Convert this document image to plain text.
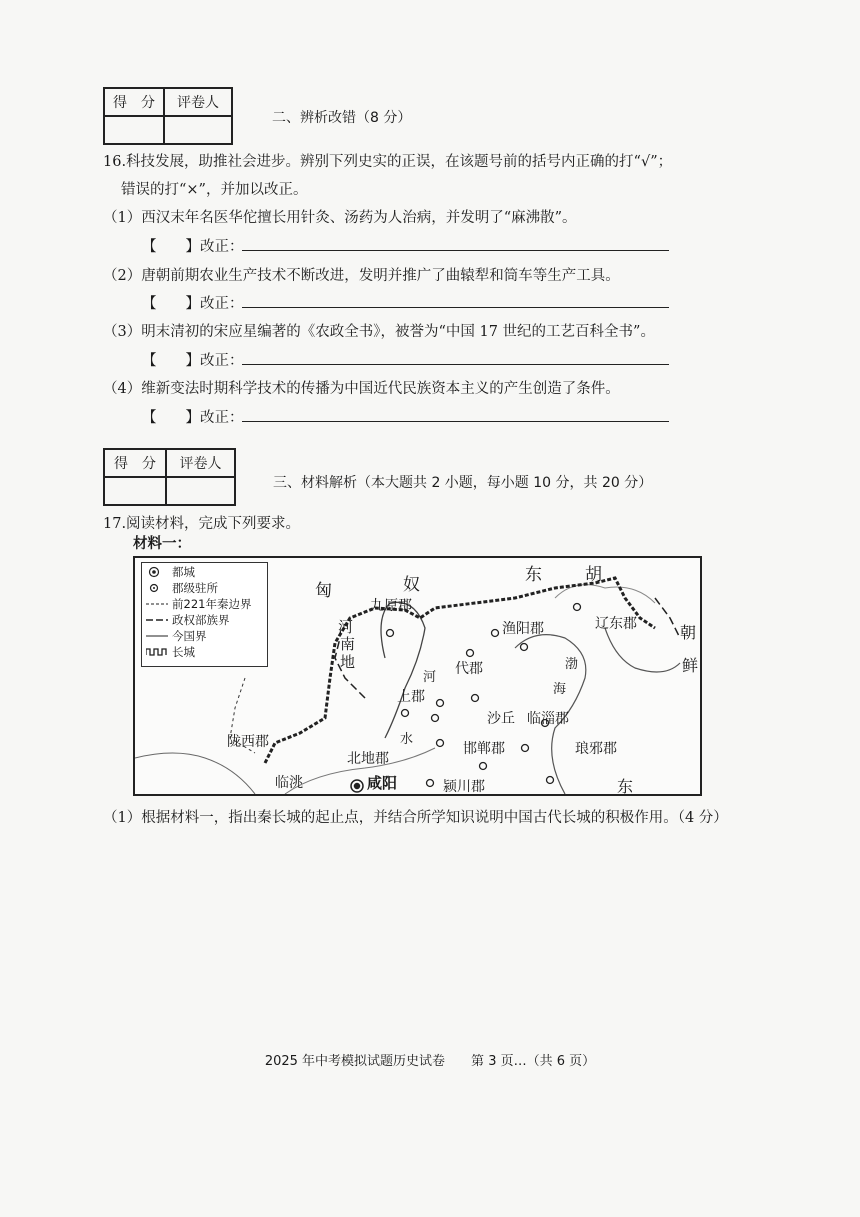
得　分	评卷人

二、辨析改错（8 分）
16.科技发展，助推社会进步。辨别下列史实的正误，在该题号前的括号内正确的打“√”；
错误的打“×”，并加以改正。
（1）西汉末年名医华佗擅长用针灸、汤药为人治病，并发明了“麻沸散”。
【　　】改正：
（2）唐朝前期农业生产技术不断改进，发明并推广了曲辕犁和筒车等生产工具。
【　　】改正：
（3）明末清初的宋应星编著的《农政全书》，被誉为“中国 17 世纪的工艺百科全书”。
【　　】改正：
（4）维新变法时期科学技术的传播为中国近代民族资本主义的产生创造了条件。
【　　】改正：
得　分	评卷人

三、材料解析（本大题共 2 小题，每小题 10 分，共 20 分）
17.阅读材料，完成下列要求。
材料一：
都城
郡级驻所
前221年秦边界
政权部族界
今国界
长城
匈	奴	东	胡
河
南
地
九原郡
渔阳郡	辽东郡	朝
鲜
代郡	渤
海
河
上郡
沙丘 临淄郡
水
陇西郡
北地郡
邯郸郡	琅邪郡
临洮	咸阳	颍川郡	东
（1）根据材料一，指出秦长城的起止点，并结合所学知识说明中国古代长城的积极作用。（4 分）
2025 年中考模拟试题历史试卷　　第 3 页…（共 6 页）
